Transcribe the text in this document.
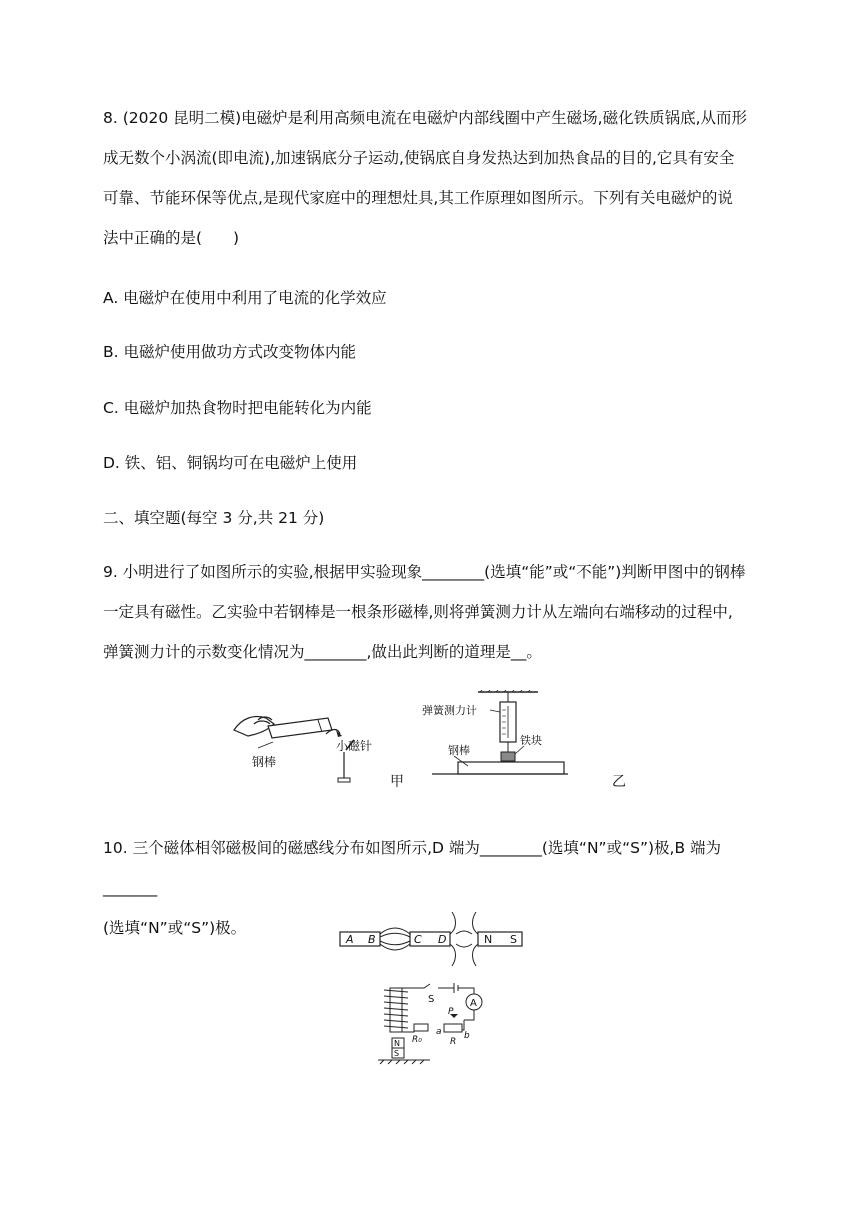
8. (2020 昆明二模)电磁炉是利用高频电流在电磁炉内部线圈中产生磁场,磁化铁质锅底,从而形
成无数个小涡流(即电流),加速锅底分子运动,使锅底自身发热达到加热食品的目的,它具有安全
可靠、节能环保等优点,是现代家庭中的理想灶具,其工作原理如图所示。下列有关电磁炉的说
法中正确的是(　　)
A. 电磁炉在使用中利用了电流的化学效应
B. 电磁炉使用做功方式改变物体内能
C. 电磁炉加热食物时把电能转化为内能
D. 铁、铝、铜锅均可在电磁炉上使用
二、填空题(每空 3 分,共 21 分)
9. 小明进行了如图所示的实验,根据甲实验现象________(选填“能”或“不能”)判断甲图中的钢棒
一定具有磁性。乙实验中若钢棒是一根条形磁棒,则将弹簧测力计从左端向右端移动的过程中,
弹簧测力计的示数变化情况为________,做出此判断的道理是__。
钢棒
小磁针
甲
弹簧测力计
铁块
钢棒
乙
10. 三个磁体相邻磁极间的磁感线分布如图所示,D 端为________(选填“N”或“S”)极,B 端为_______
(选填“N”或“S”)极。
A B	C D	N S
A
S
R₀	R
P
a b
N
S
